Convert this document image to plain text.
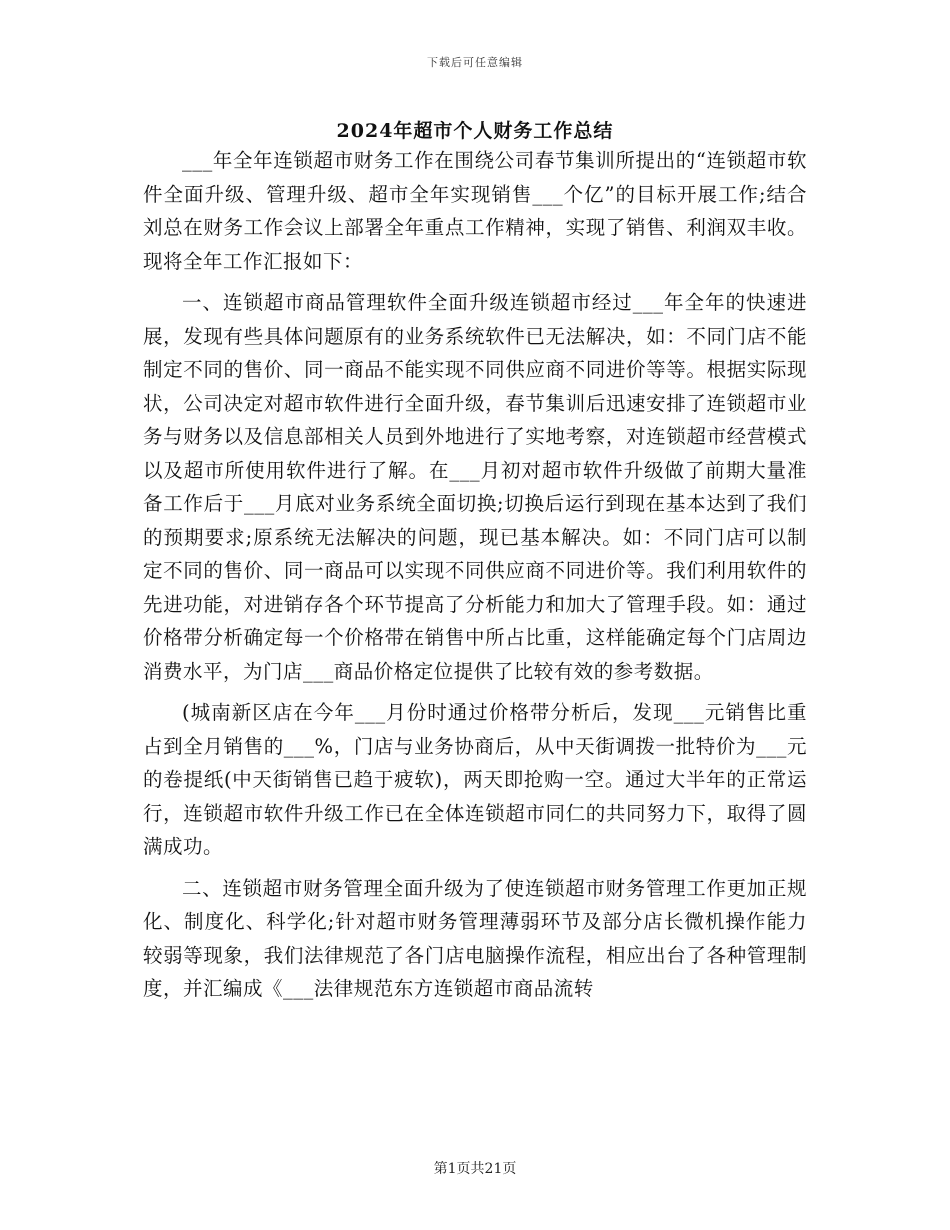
下载后可任意编辑
2024年超市个人财务工作总结

___年全年连锁超市财务工作在围绕公司春节集训所提出的“连锁超市软件全面升级、管理升级、超市全年实现销售___个亿”的目标开展工作;结合刘总在财务工作会议上部署全年重点工作精神，实现了销售、利润双丰收。现将全年工作汇报如下：

一、连锁超市商品管理软件全面升级连锁超市经过___年全年的快速进展，发现有些具体问题原有的业务系统软件已无法解决，如：不同门店不能制定不同的售价、同一商品不能实现不同供应商不同进价等等。根据实际现状，公司决定对超市软件进行全面升级，春节集训后迅速安排了连锁超市业务与财务以及信息部相关人员到外地进行了实地考察，对连锁超市经营模式以及超市所使用软件进行了解。在___月初对超市软件升级做了前期大量准备工作后于___月底对业务系统全面切换;切换后运行到现在基本达到了我们的预期要求;原系统无法解决的问题，现已基本解决。如：不同门店可以制定不同的售价、同一商品可以实现不同供应商不同进价等。我们利用软件的先进功能，对进销存各个环节提高了分析能力和加大了管理手段。如：通过价格带分析确定每一个价格带在销售中所占比重，这样能确定每个门店周边消费水平，为门店___商品价格定位提供了比较有效的参考数据。

(城南新区店在今年___月份时通过价格带分析后，发现___元销售比重占到全月销售的___%，门店与业务协商后，从中天街调拨一批特价为___元的卷提纸(中天街销售已趋于疲软)，两天即抢购一空。通过大半年的正常运行，连锁超市软件升级工作已在全体连锁超市同仁的共同努力下，取得了圆满成功。

二、连锁超市财务管理全面升级为了使连锁超市财务管理工作更加正规化、制度化、科学化;针对超市财务管理薄弱环节及部分店长微机操作能力较弱等现象，我们法律规范了各门店电脑操作流程，相应出台了各种管理制度，并汇编成《___法律规范东方连锁超市商品流转

第1页共21页
